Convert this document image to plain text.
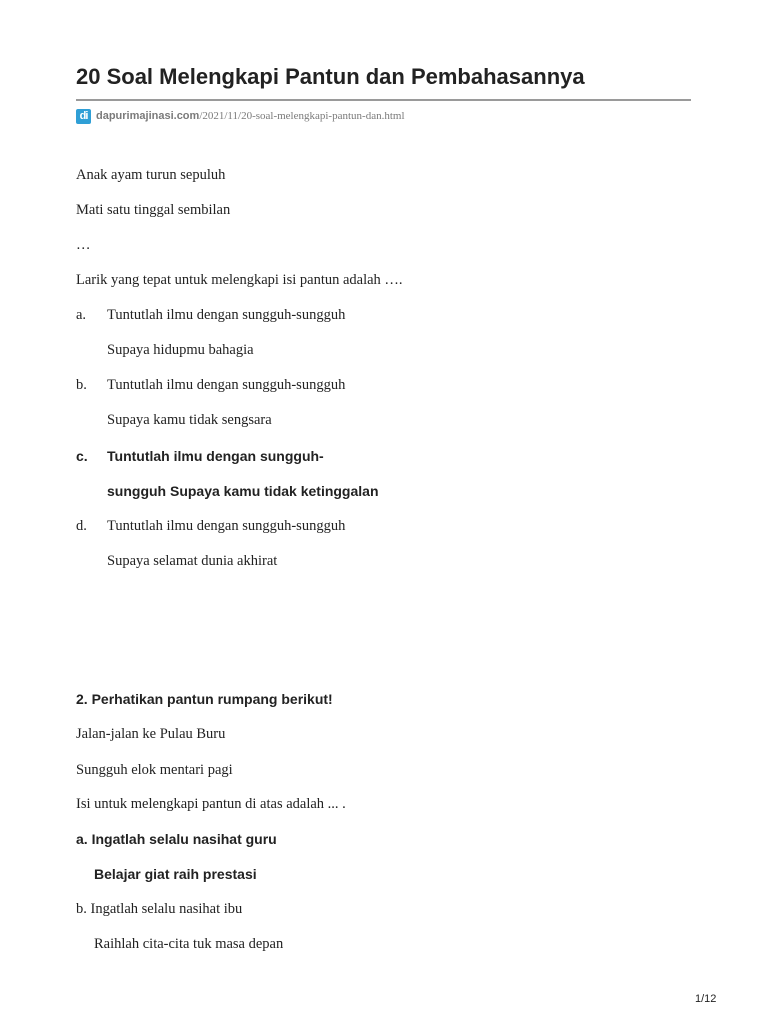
20 Soal Melengkapi Pantun dan Pembahasannya
di dapurimajinasi.com /2021/11/20-soal-melengkapi-pantun-dan.html
Anak ayam turun sepuluh
Mati satu tinggal sembilan
…
Larik yang tepat untuk melengkapi isi pantun adalah ….
a. Tuntutlah ilmu dengan sungguh-sungguh
Supaya hidupmu bahagia
b. Tuntutlah ilmu dengan sungguh-sungguh
Supaya kamu tidak sengsara
c. Tuntutlah ilmu dengan sungguh-
sungguh Supaya kamu tidak ketinggalan
d. Tuntutlah ilmu dengan sungguh-sungguh
Supaya selamat dunia akhirat
2. Perhatikan pantun rumpang berikut!
Jalan-jalan ke Pulau Buru
Sungguh elok mentari pagi
Isi untuk melengkapi pantun di atas adalah ... .
a. Ingatlah selalu nasihat guru
Belajar giat raih prestasi
b. Ingatlah selalu nasihat ibu
Raihlah cita-cita tuk masa depan
1/12
